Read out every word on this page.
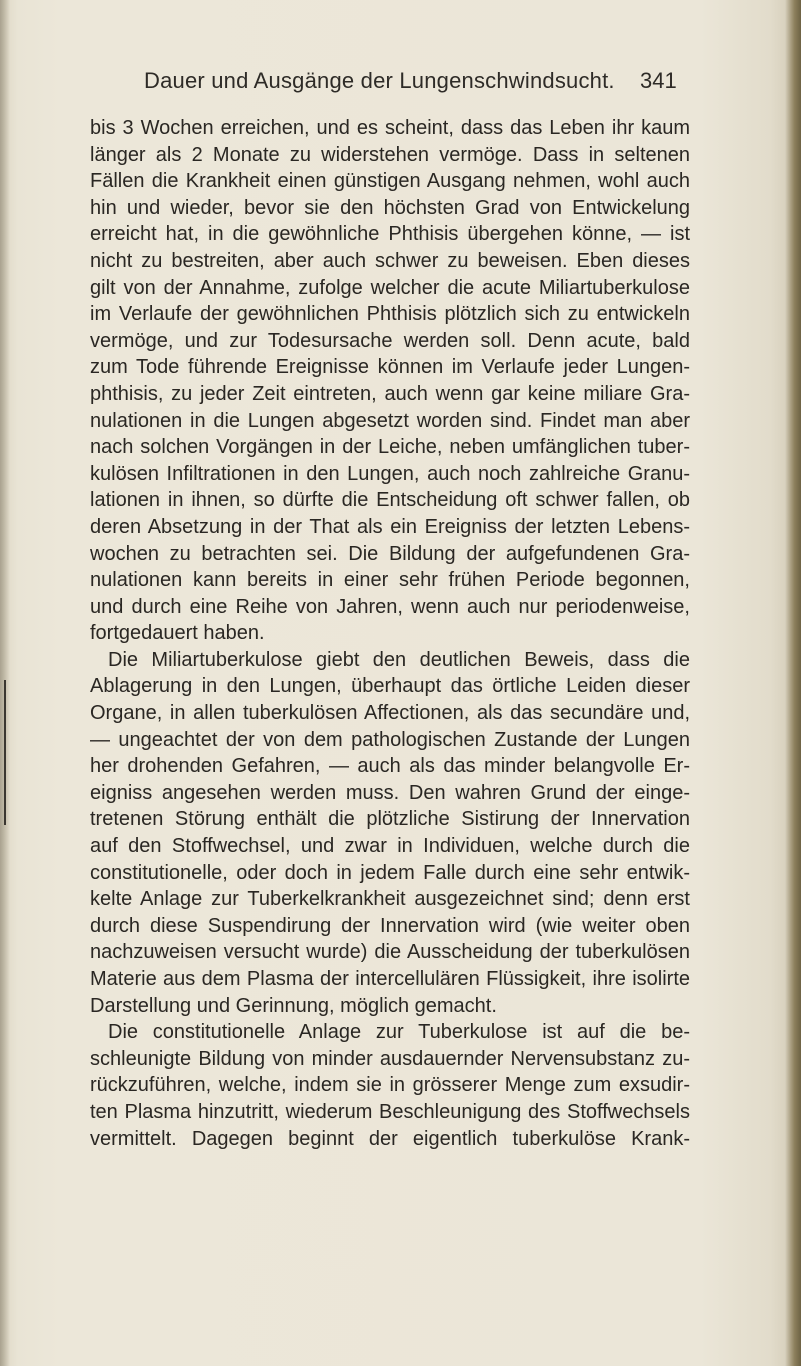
Dauer und Ausgänge der Lungenschwindsucht. 341
bis 3 Wochen erreichen, und es scheint, dass das Leben ihr kaum
länger als 2 Monate zu widerstehen vermöge. Dass in seltenen
Fällen die Krankheit einen günstigen Ausgang nehmen, wohl auch
hin und wieder, bevor sie den höchsten Grad von Entwickelung
erreicht hat, in die gewöhnliche Phthisis übergehen könne, — ist
nicht zu bestreiten, aber auch schwer zu beweisen. Eben dieses
gilt von der Annahme, zufolge welcher die acute Miliartuberkulose
im Verlaufe der gewöhnlichen Phthisis plötzlich sich zu entwickeln
vermöge, und zur Todesursache werden soll. Denn acute, bald
zum Tode führende Ereignisse können im Verlaufe jeder Lungen-
phthisis, zu jeder Zeit eintreten, auch wenn gar keine miliare Gra-
nulationen in die Lungen abgesetzt worden sind. Findet man aber
nach solchen Vorgängen in der Leiche, neben umfänglichen tuber-
kulösen Infiltrationen in den Lungen, auch noch zahlreiche Granu-
lationen in ihnen, so dürfte die Entscheidung oft schwer fallen, ob
deren Absetzung in der That als ein Ereigniss der letzten Lebens-
wochen zu betrachten sei. Die Bildung der aufgefundenen Gra-
nulationen kann bereits in einer sehr frühen Periode begonnen,
und durch eine Reihe von Jahren, wenn auch nur periodenweise,
fortgedauert haben.
Die Miliartuberkulose giebt den deutlichen Beweis, dass die
Ablagerung in den Lungen, überhaupt das örtliche Leiden dieser
Organe, in allen tuberkulösen Affectionen, als das secundäre und,
— ungeachtet der von dem pathologischen Zustande der Lungen
her drohenden Gefahren, — auch als das minder belangvolle Er-
eigniss angesehen werden muss. Den wahren Grund der einge-
tretenen Störung enthält die plötzliche Sistirung der Innervation
auf den Stoffwechsel, und zwar in Individuen, welche durch die
constitutionelle, oder doch in jedem Falle durch eine sehr entwik-
kelte Anlage zur Tuberkelkrankheit ausgezeichnet sind; denn erst
durch diese Suspendirung der Innervation wird (wie weiter oben
nachzuweisen versucht wurde) die Ausscheidung der tuberkulösen
Materie aus dem Plasma der intercellulären Flüssigkeit, ihre isolirte
Darstellung und Gerinnung, möglich gemacht.
Die constitutionelle Anlage zur Tuberkulose ist auf die be-
schleunigte Bildung von minder ausdauernder Nervensubstanz zu-
rückzuführen, welche, indem sie in grösserer Menge zum exsudir-
ten Plasma hinzutritt, wiederum Beschleunigung des Stoffwechsels
vermittelt. Dagegen beginnt der eigentlich tuberkulöse Krank-
